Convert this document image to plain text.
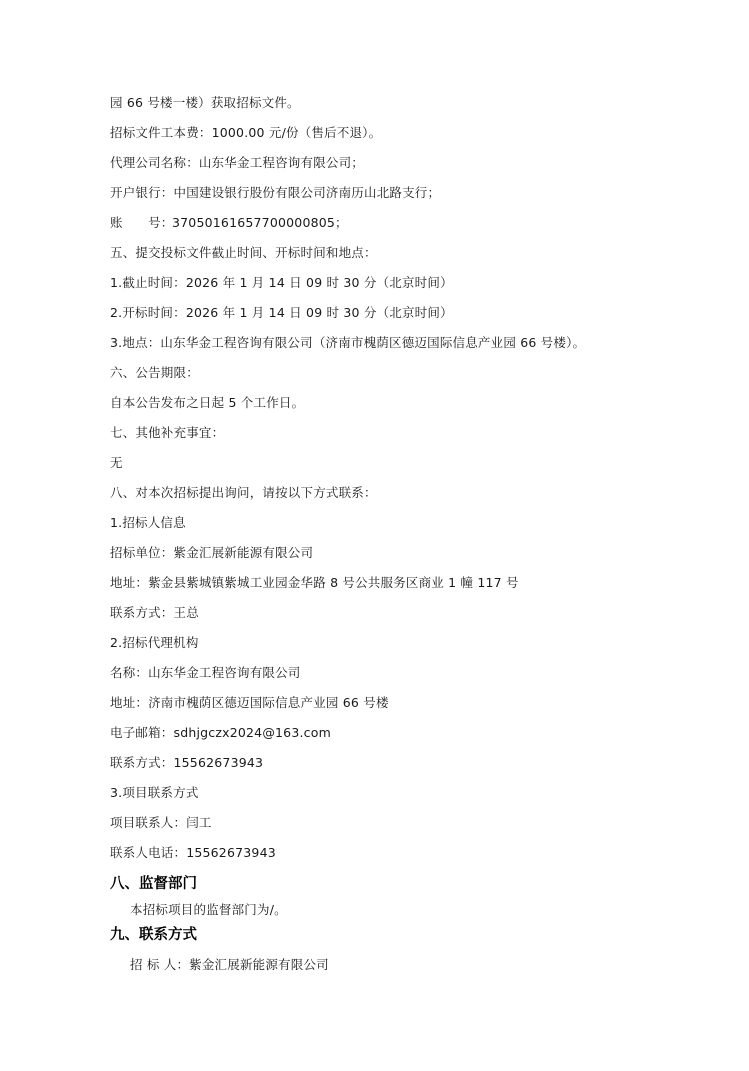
园 66 号楼一楼）获取招标文件。
招标文件工本费：1000.00 元/份（售后不退）。
代理公司名称：山东华金工程咨询有限公司；
开户银行：中国建设银行股份有限公司济南历山北路支行；
账　　号：37050161657700000805；
五、提交投标文件截止时间、开标时间和地点：
1.截止时间：2026 年 1 月 14 日 09 时 30 分（北京时间）
2.开标时间：2026 年 1 月 14 日 09 时 30 分（北京时间）
3.地点：山东华金工程咨询有限公司（济南市槐荫区德迈国际信息产业园 66 号楼）。
六、公告期限：
自本公告发布之日起 5 个工作日。
七、其他补充事宜：
无
八、对本次招标提出询问，请按以下方式联系：
1.招标人信息
招标单位：紫金汇展新能源有限公司
地址：紫金县紫城镇紫城工业园金华路 8 号公共服务区商业 1 幢 117 号
联系方式：王总
2.招标代理机构
名称：山东华金工程咨询有限公司
地址：济南市槐荫区德迈国际信息产业园 66 号楼
电子邮箱：sdhjgczx2024@163.com
联系方式：15562673943
3.项目联系方式
项目联系人：闫工
联系人电话：15562673943
八、监督部门
本招标项目的监督部门为/。
九、联系方式
招 标 人：紫金汇展新能源有限公司
